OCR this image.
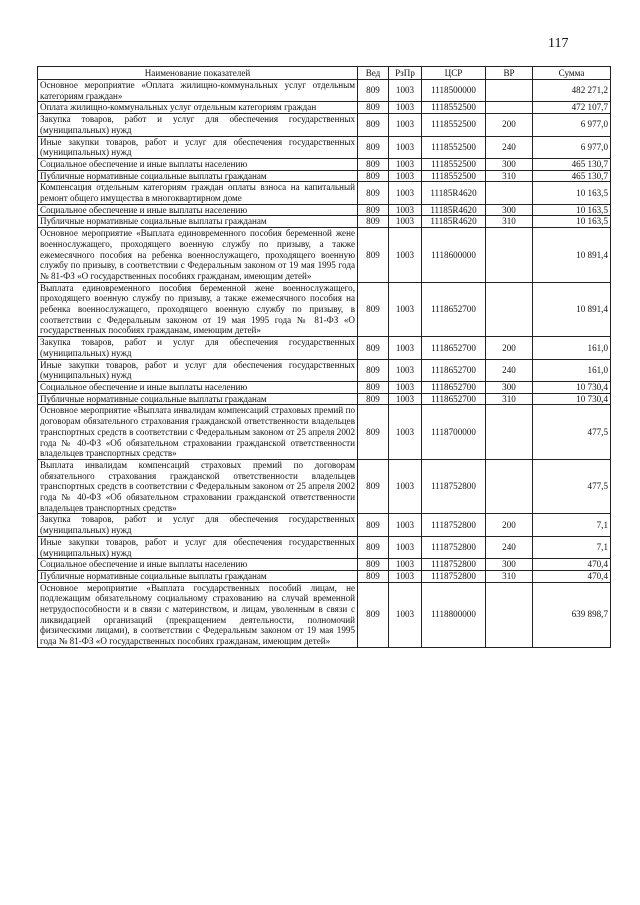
117
Наименование показателей	Вед	РзПр	ЦСР	ВР	Сумма
Основное мероприятие «Оплата жилищно-коммунальных услуг отдельным категориям граждан»	809	1003	1118500000		482 271,2
Оплата жилищно-коммунальных услуг отдельным категориям граждан	809	1003	1118552500		472 107,7
Закупка товаров, работ и услуг для обеспечения государственных (муниципальных) нужд	809	1003	1118552500	200	6 977,0
Иные закупки товаров, работ и услуг для обеспечения государственных (муниципальных) нужд	809	1003	1118552500	240	6 977,0
Социальное обеспечение и иные выплаты населению	809	1003	1118552500	300	465 130,7
Публичные нормативные социальные выплаты гражданам	809	1003	1118552500	310	465 130,7
Компенсация отдельным категориям граждан оплаты взноса на капитальный ремонт общего имущества в многоквартирном доме	809	1003	11185R4620		10 163,5
Социальное обеспечение и иные выплаты населению	809	1003	11185R4620	300	10 163,5
Публичные нормативные социальные выплаты гражданам	809	1003	11185R4620	310	10 163,5
Основное мероприятие «Выплата единовременного пособия беременной жене военнослужащего, проходящего военную службу по призыву, а также ежемесячного пособия на ребенка военнослужащего, проходящего военную службу по призыву, в соответствии с Федеральным законом от 19 мая 1995 года № 81-ФЗ «О государственных пособиях гражданам, имеющим детей»	809	1003	1118600000		10 891,4
Выплата единовременного пособия беременной жене военнослужащего, проходящего военную службу по призыву, а также ежемесячного пособия на ребенка военнослужащего, проходящего военную службу по призыву, в соответствии с Федеральным законом от 19 мая 1995 года № 81-ФЗ «О государственных пособиях гражданам, имеющим детей»	809	1003	1118652700		10 891,4
Закупка товаров, работ и услуг для обеспечения государственных (муниципальных) нужд	809	1003	1118652700	200	161,0
Иные закупки товаров, работ и услуг для обеспечения государственных (муниципальных) нужд	809	1003	1118652700	240	161,0
Социальное обеспечение и иные выплаты населению	809	1003	1118652700	300	10 730,4
Публичные нормативные социальные выплаты гражданам	809	1003	1118652700	310	10 730,4
Основное мероприятие «Выплата инвалидам компенсаций страховых премий по договорам обязательного страхования гражданской ответственности владельцев транспортных средств в соответствии с Федеральным законом от 25 апреля 2002 года № 40-ФЗ «Об обязательном страховании гражданской ответственности владельцев транспортных средств»	809	1003	1118700000		477,5
Выплата инвалидам компенсаций страховых премий по договорам обязательного страхования гражданской ответственности владельцев транспортных средств в соответствии с Федеральным законом от 25 апреля 2002 года № 40-ФЗ «Об обязательном страховании гражданской ответственности владельцев транспортных средств»	809	1003	1118752800		477,5
Закупка товаров, работ и услуг для обеспечения государственных (муниципальных) нужд	809	1003	1118752800	200	7,1
Иные закупки товаров, работ и услуг для обеспечения государственных (муниципальных) нужд	809	1003	1118752800	240	7,1
Социальное обеспечение и иные выплаты населению	809	1003	1118752800	300	470,4
Публичные нормативные социальные выплаты гражданам	809	1003	1118752800	310	470,4
Основное мероприятие «Выплата государственных пособий лицам, не подлежащим обязательному социальному страхованию на случай временной нетрудоспособности и в связи с материнством, и лицам, уволенным в связи с ликвидацией организаций (прекращением деятельности, полномочий физическими лицами), в соответствии с Федеральным законом от 19 мая 1995 года № 81-ФЗ «О государственных пособиях гражданам, имеющим детей»	809	1003	1118800000		639 898,7
